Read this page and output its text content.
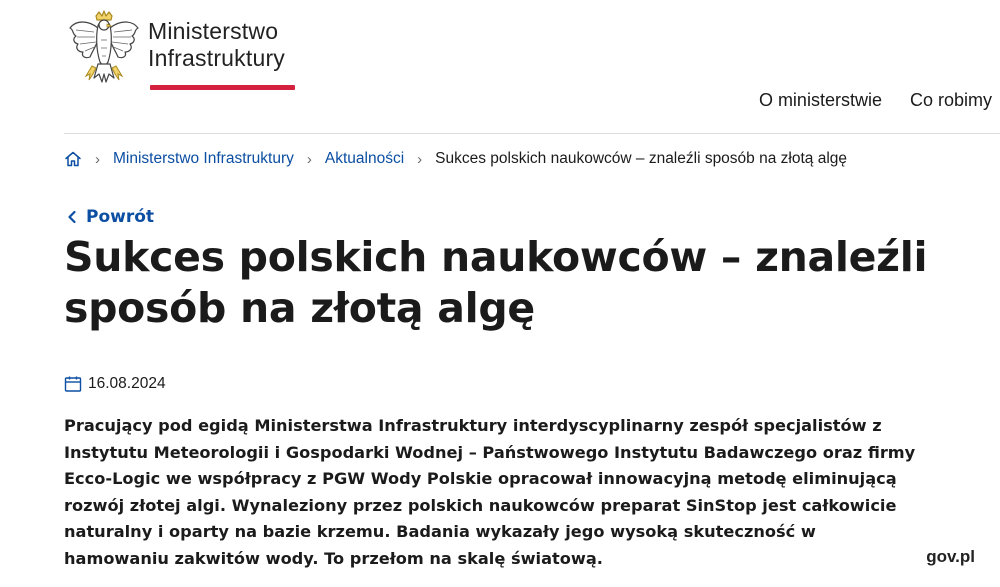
Ministerstwo
Infrastruktury
O ministerstwie Co robimy
› Ministerstwo Infrastruktury › Aktualności › Sukces polskich naukowców – znaleźli sposób na złotą algę
Powrót
Sukces polskich naukowców – znaleźli sposób na złotą algę
16.08.2024

Pracujący pod egidą Ministerstwa Infrastruktury interdyscyplinarny zespół specjalistów z Instytutu Meteorologii i Gospodarki Wodnej – Państwowego Instytutu Badawczego oraz firmy Ecco-Logic we współpracy z PGW Wody Polskie opracował innowacyjną metodę eliminującą rozwój złotej algi. Wynaleziony przez polskich naukowców preparat SinStop jest całkowicie naturalny i oparty na bazie krzemu. Badania wykazały jego wysoką skuteczność w hamowaniu zakwitów wody. To przełom na skalę światową.	gov.pl
